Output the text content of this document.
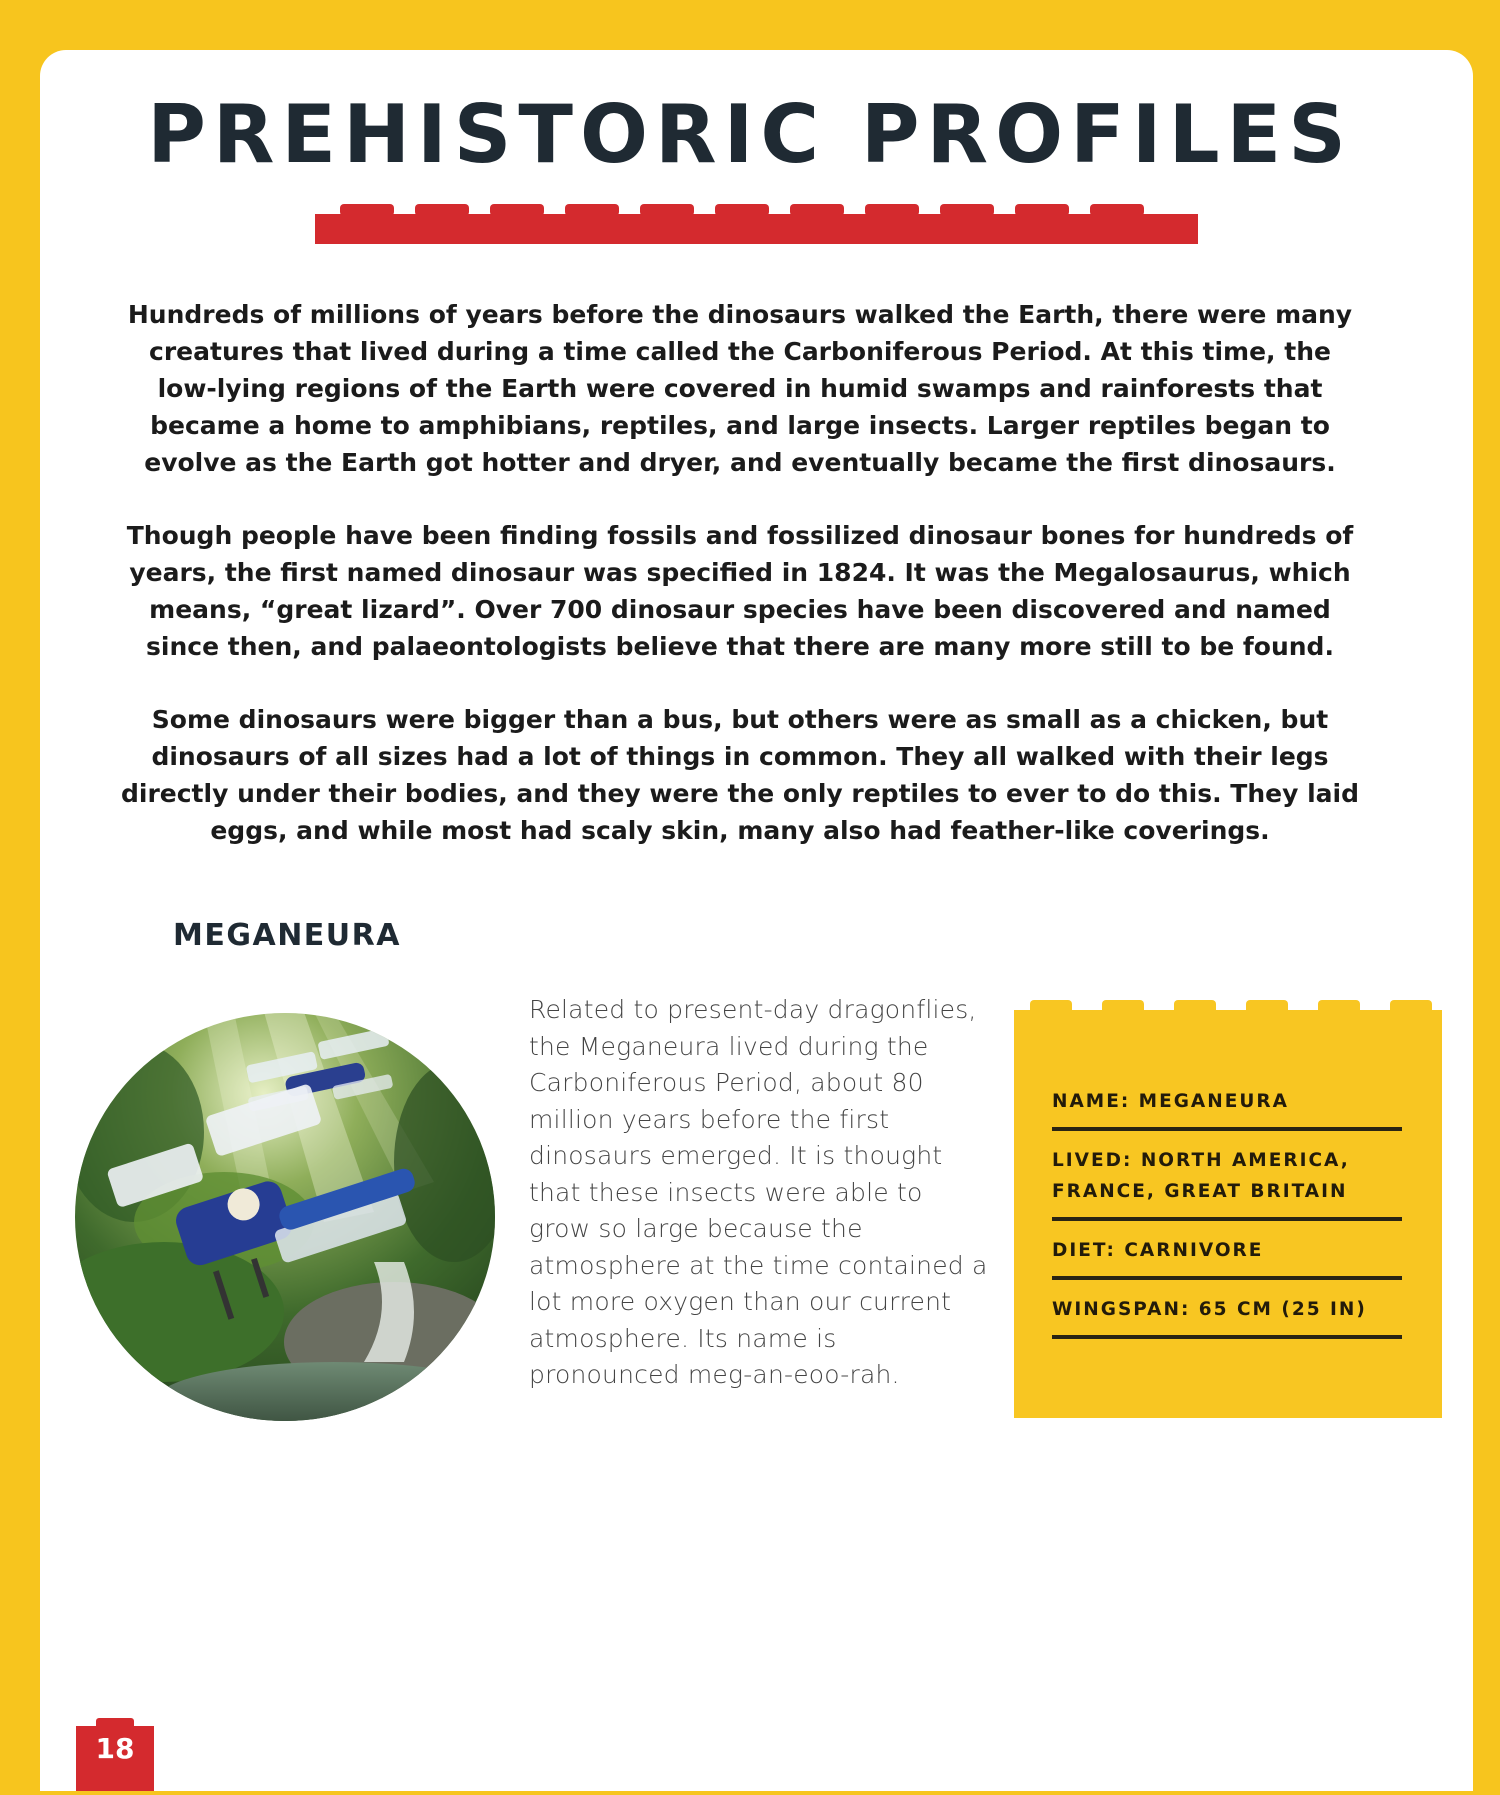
PREHISTORIC PROFILES

Hundreds of millions of years before the dinosaurs walked the Earth, there were many creatures that lived during a time called the Carboniferous Period. At this time, the low-lying regions of the Earth were covered in humid swamps and rainforests that became a home to amphibians, reptiles, and large insects. Larger reptiles began to evolve as the Earth got hotter and dryer, and eventually became the first dinosaurs.

Though people have been finding fossils and fossilized dinosaur bones for hundreds of years, the first named dinosaur was specified in 1824. It was the Megalosaurus, which means, “great lizard”. Over 700 dinosaur species have been discovered and named since then, and palaeontologists believe that there are many more still to be found.

Some dinosaurs were bigger than a bus, but others were as small as a chicken, but dinosaurs of all sizes had a lot of things in common. They all walked with their legs directly under their bodies, and they were the only reptiles to ever to do this. They laid eggs, and while most had scaly skin, many also had feather-like coverings.

MEGANEURA

Related to present-day dragonflies, the Meganeura lived during the Carboniferous Period, about 80 million years before the first dinosaurs emerged. It is thought that these insects were able to grow so large because the atmosphere at the time contained a lot more oxygen than our current atmosphere. Its name is pronounced meg-an-eoo-rah.

NAME: MEGANEURA
LIVED: NORTH AMERICA, FRANCE, GREAT BRITAIN
DIET: CARNIVORE
WINGSPAN: 65 CM (25 IN)
18
